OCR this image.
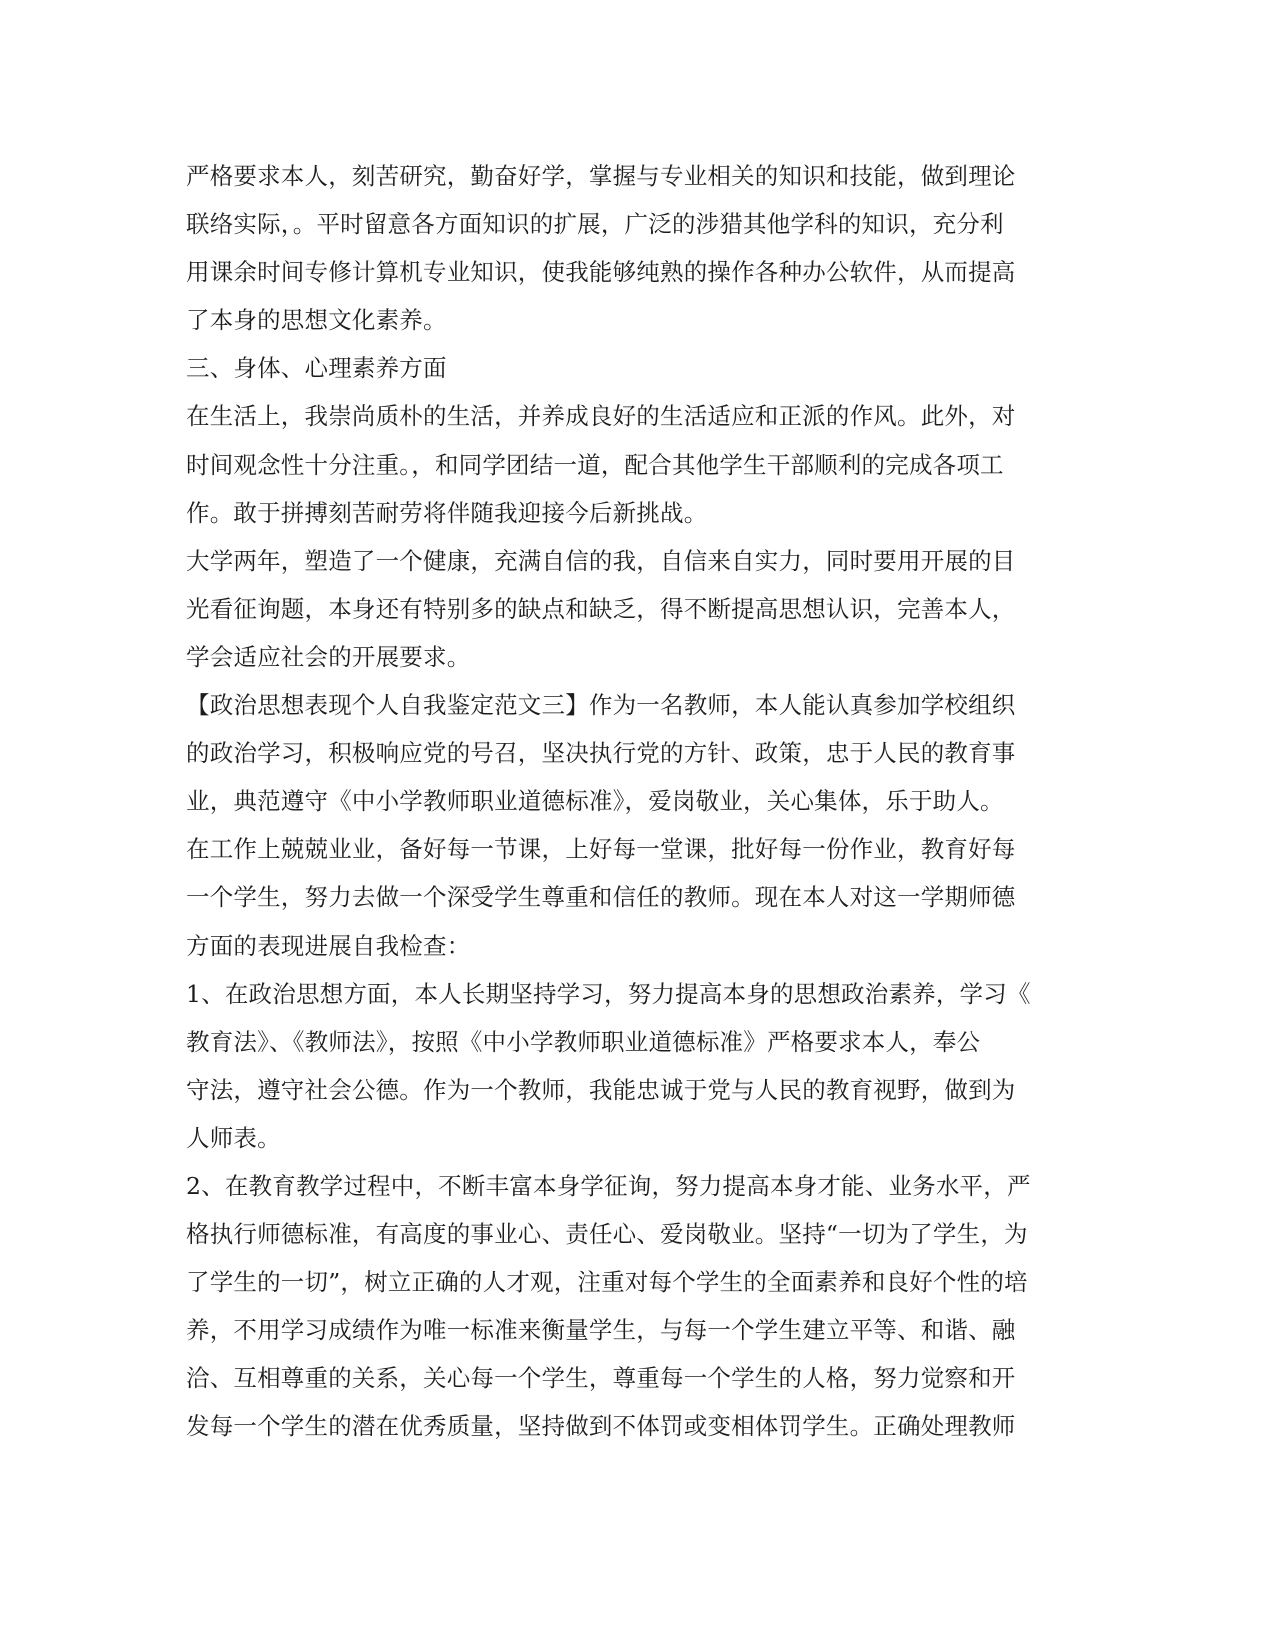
严格要求本人，刻苦研究，勤奋好学，掌握与专业相关的知识和技能，做到理论
联络实际，。平时留意各方面知识的扩展，广泛的涉猎其他学科的知识，充分利
用课余时间专修计算机专业知识，使我能够纯熟的操作各种办公软件，从而提高
了本身的思想文化素养。
三、身体、心理素养方面
在生活上，我崇尚质朴的生活，并养成良好的生活适应和正派的作风。此外，对
时间观念性十分注重。，和同学团结一道，配合其他学生干部顺利的完成各项工
作。敢于拼搏刻苦耐劳将伴随我迎接今后新挑战。
大学两年，塑造了一个健康，充满自信的我，自信来自实力，同时要用开展的目
光看征询题，本身还有特别多的缺点和缺乏，得不断提高思想认识，完善本人，
学会适应社会的开展要求。
【政治思想表现个人自我鉴定范文三】作为一名教师，本人能认真参加学校组织
的政治学习，积极响应党的号召，坚决执行党的方针、政策，忠于人民的教育事
业，典范遵守《中小学教师职业道德标准》，爱岗敬业，关心集体，乐于助人。
在工作上兢兢业业，备好每一节课，上好每一堂课，批好每一份作业，教育好每
一个学生，努力去做一个深受学生尊重和信任的教师。现在本人对这一学期师德
方面的表现进展自我检查：
1、在政治思想方面，本人长期坚持学习，努力提高本身的思想政治素养，学习《
教育法》、《教师法》，按照《中小学教师职业道德标准》严格要求本人，奉公
守法，遵守社会公德。作为一个教师，我能忠诚于党与人民的教育视野，做到为
人师表。
2、在教育教学过程中，不断丰富本身学征询，努力提高本身才能、业务水平，严
格执行师德标准，有高度的事业心、责任心、爱岗敬业。坚持“一切为了学生，为
了学生的一切”，树立正确的人才观，注重对每个学生的全面素养和良好个性的培
养，不用学习成绩作为唯一标准来衡量学生，与每一个学生建立平等、和谐、融
洽、互相尊重的关系，关心每一个学生，尊重每一个学生的人格，努力觉察和开
发每一个学生的潜在优秀质量，坚持做到不体罚或变相体罚学生。正确处理教师
